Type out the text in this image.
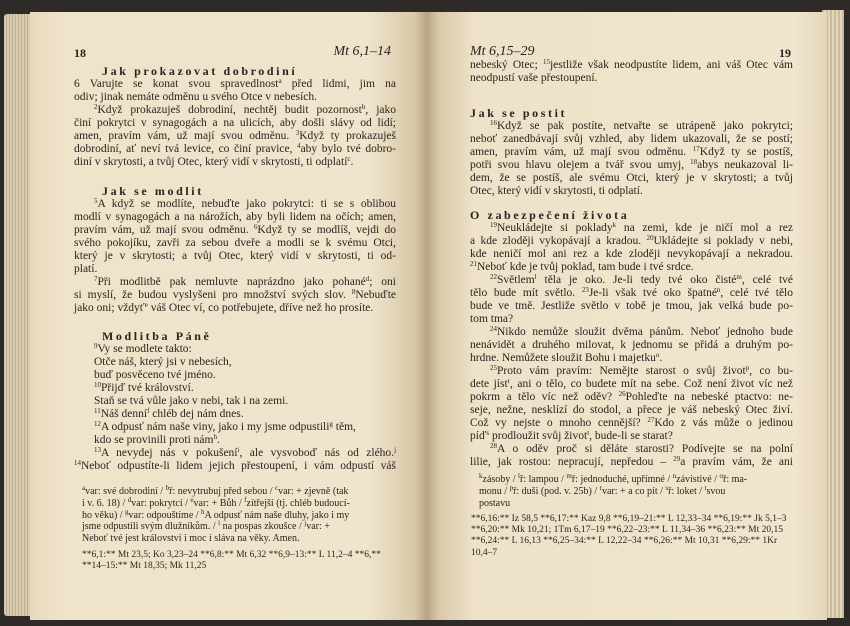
18	Mt 6,1–14
Jak prokazovat dobrodiní
6 Varujte se konat svou spravedlnost$^a$ před lidmi, jim na
odiv; jinak nemáte odměnu u svého Otce v nebesích.
$^2$Když prokazuješ dobrodiní, nechtěj budit pozornost$^b$, jako
činí pokrytci v synagogách a na ulicích, aby došli slávy od lidí;
amen, pravím vám, už mají svou odměnu. $^3$Když ty prokazuješ
dobrodiní, ať neví tvá levice, co činí pravice, $^4$aby bylo tvé dobro-
diní v skrytosti, a tvůj Otec, který vidí v skrytosti, ti odplatí$^c$.
Jak se modlit
$^5$A když se modlíte, nebuďte jako pokrytci: ti se s oblibou
modlí v synagogách a na nárožích, aby byli lidem na očích; amen,
pravím vám, už mají svou odměnu. $^6$Když ty se modlíš, vejdi do
svého pokojíku, zavři za sebou dveře a modli se k svému Otci,
který je v skrytosti; a tvůj Otec, který vidí v skrytosti, ti od-
platí.
$^7$Při modlitbě pak nemluvte naprázdno jako pohané$^d$; oni
si myslí, že budou vyslyšeni pro množství svých slov. $^8$Nebuďte
jako oni; vždyť$^e$ váš Otec ví, co potřebujete, dříve než ho prosíte.
Modlitba Páně
$^9$Vy se modlete takto:
Otče náš, který jsi v nebesích,
buď posvěceno tvé jméno.
$^{10}$Přijď tvé království.
Staň se tvá vůle jako v nebi, tak i na zemi.
$^{11}$Náš denní$^f$ chléb dej nám dnes.
$^{12}$A odpusť nám naše viny, jako i my jsme odpustili$^g$ těm,
kdo se provinili proti nám$^h$.
$^{13}$A nevydej nás v pokušení$^i$, ale vysvoboď nás od zlého.$^j$
$^{14}$Neboť odpustíte-li lidem jejich přestoupení, i vám odpustí váš
$^a$var: své dobrodiní / $^b$ř: nevytrubuj před sebou / $^c$var: + zjevně (tak
i v. 6. 18) / $^d$var: pokrytci / $^e$var: + Bůh / $^f$zítřejší (tj. chléb budoucí-
ho věku) / $^g$var: odpouštíme / $^h$A odpusť nám naše dluhy, jako i my
jsme odpustili svým dlužníkům. / $^i$ na pospas zkoušce / $^j$var: +
Neboť tvé jest království i moc i sláva na věky. Amen.
**6,1:** Mt 23,5; Ko 3,23–24 **6,8:** Mt 6,32 **6,9–13:** L 11,2–4 **6,**
**14–15:** Mt 18,35; Mk 11,25
Mt 6,15–29	19
nebeský Otec; $^{15}$jestliže však neodpustíte lidem, ani váš Otec vám
neodpustí vaše přestoupení.
Jak se postit
$^{16}$Když se pak postíte, netvařte se utrápeně jako pokrytci;
neboť zanedbávají svůj vzhled, aby lidem ukazovali, že se postí;
amen, pravím vám, už mají svou odměnu. $^{17}$Když ty se postíš,
potři svou hlavu olejem a tvář svou umyj, $^{18}$abys neukazoval li-
dem, že se postíš, ale svému Otci, který je v skrytosti; a tvůj
Otec, který vidí v skrytosti, ti odplatí.
O zabezpečení života
$^{19}$Neukládejte si poklady$^k$ na zemi, kde je ničí mol a rez
a kde zloději vykopávají a kradou. $^{20}$Ukládejte si poklady v nebi,
kde neničí mol ani rez a kde zloději nevykopávají a nekradou.
$^{21}$Neboť kde je tvůj poklad, tam bude i tvé srdce.
$^{22}$Světlem$^l$ těla je oko. Je-li tedy tvé oko čisté$^m$, celé tvé
tělo bude mít světlo. $^{23}$Je-li však tvé oko špatné$^n$, celé tvé tělo
bude ve tmě. Jestliže světlo v tobě je tmou, jak velká bude po-
tom tma?
$^{24}$Nikdo nemůže sloužit dvěma pánům. Neboť jednoho bude
nenávidět a druhého milovat, k jednomu se přidá a druhým po-
hrdne. Nemůžete sloužit Bohu i majetku$^o$.
$^{25}$Proto vám pravím: Nemějte starost o svůj život$^p$, co bu-
dete jíst$^r$, ani o tělo, co budete mít na sebe. Což není život víc než
pokrm a tělo víc než oděv? $^{26}$Pohleďte na nebeské ptactvo: ne-
seje, nežne, nesklízí do stodol, a přece je váš nebeský Otec živí.
Což vy nejste o mnoho cennější? $^{27}$Kdo z vás může o jedinou
píď$^s$ prodloužit svůj život$^t$, bude-li se starat?
$^{28}$A o oděv proč si děláte starosti? Podívejte se na polní
lilie, jak rostou: nepracují, nepředou – $^{29}$a pravím vám, že ani
$^k$zásoby / $^l$ř: lampou / $^m$ř: jednoduché, upřímné / $^n$závistivé / $^o$ř: ma-
monu / $^p$ř: duši (pod. v. 25b) / $^r$var: + a co pít / $^s$ř: loket / $^t$svou
postavu
**6,16:** Iz 58,5 **6,17:** Kaz 9,8 **6,19–21:** L 12,33–34 **6,19:** Jk 5,1–3
**6,20:** Mk 10,21; 1Tm 6,17–19 **6,22–23:** L 11,34–36 **6,23:** Mt 20,15
**6,24:** L 16,13 **6,25–34:** L 12,22–34 **6,26:** Mt 10,31 **6,29:** 1Kr
10,4–7
